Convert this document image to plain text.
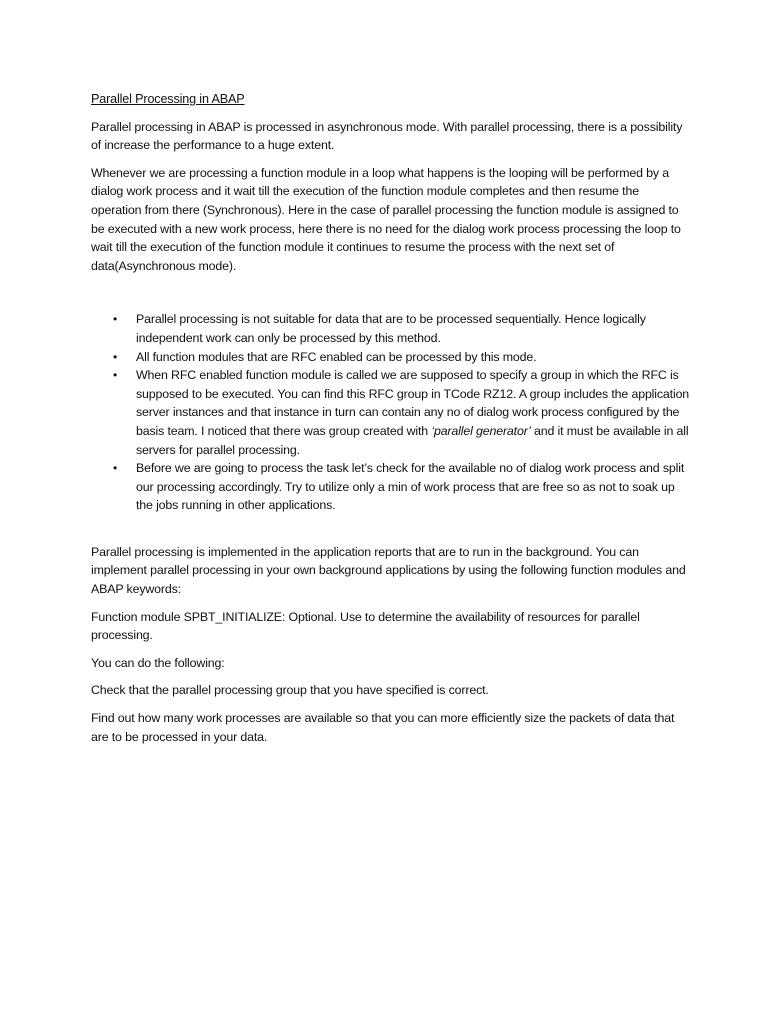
Parallel Processing in ABAP

Parallel processing in ABAP is processed in asynchronous mode. With parallel processing, there is a possibility of increase the performance to a huge extent.

Whenever we are processing a function module in a loop what happens is the looping will be performed by a dialog work process and it wait till the execution of the function module completes and then resume the operation from there (Synchronous). Here in the case of parallel processing the function module is assigned to be executed with a new work process, here there is no need for the dialog work process processing the loop to wait till the execution of the function module it continues to resume the process with the next set of data(Asynchronous mode).

• Parallel processing is not suitable for data that are to be processed sequentially. Hence logically independent work can only be processed by this method.
• All function modules that are RFC enabled can be processed by this mode.
• When RFC enabled function module is called we are supposed to specify a group in which the RFC is supposed to be executed. You can find this RFC group in TCode RZ12. A group includes the application server instances and that instance in turn can contain any no of dialog work process configured by the basis team. I noticed that there was group created with ‘parallel generator’ and it must be available in all servers for parallel processing.
• Before we are going to process the task let’s check for the available no of dialog work process and split our processing accordingly. Try to utilize only a min of work process that are free so as not to soak up the jobs running in other applications.

Parallel processing is implemented in the application reports that are to run in the background. You can implement parallel processing in your own background applications by using the following function modules and ABAP keywords:

Function module SPBT_INITIALIZE: Optional. Use to determine the availability of resources for parallel processing.

You can do the following:

Check that the parallel processing group that you have specified is correct.

Find out how many work processes are available so that you can more efficiently size the packets of data that are to be processed in your data.
